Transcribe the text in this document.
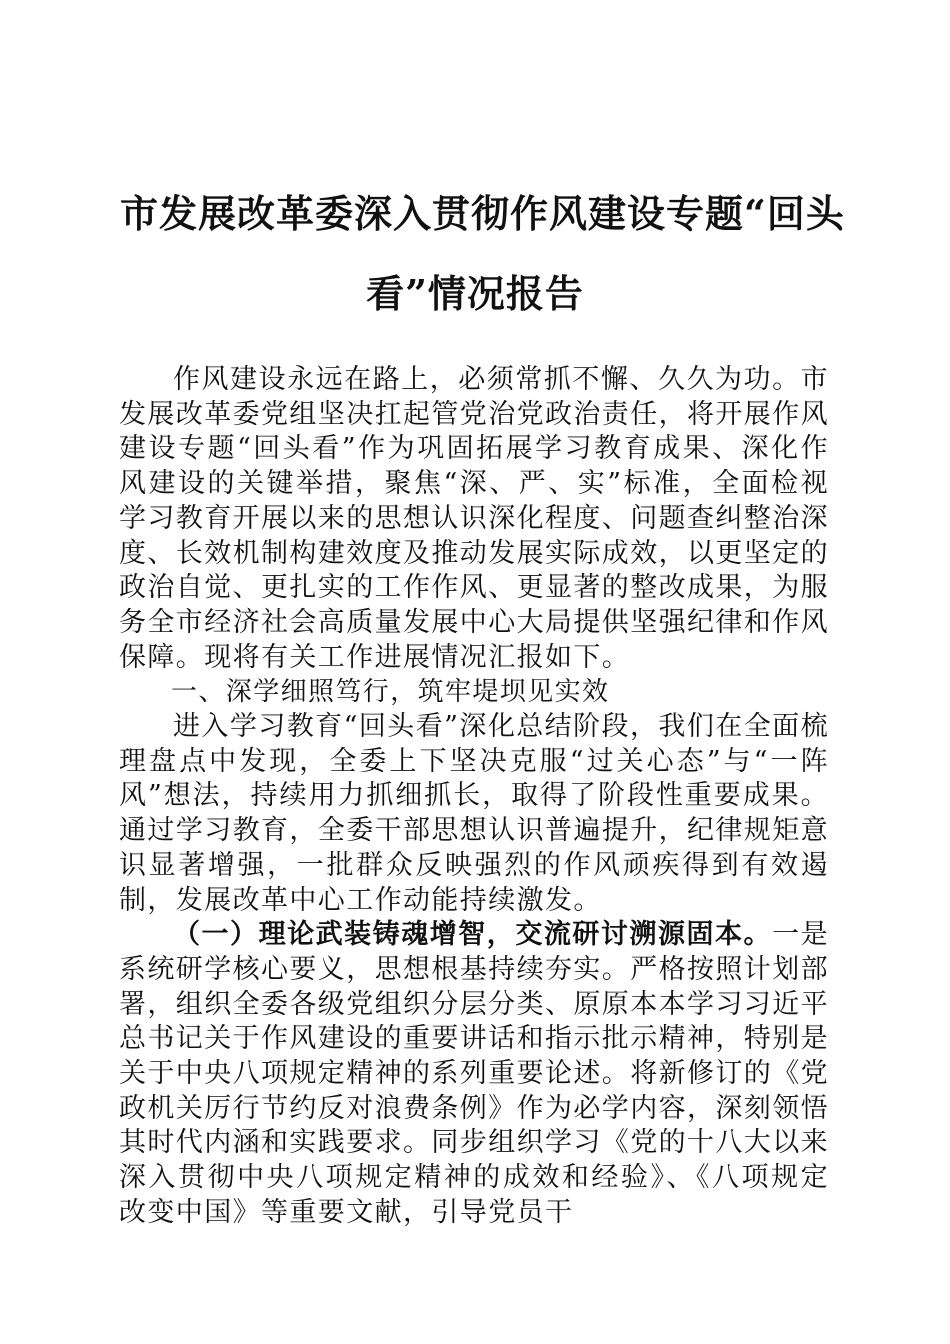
市发展改革委深入贯彻作风建设专题“回头
看”情况报告

作风建设永远在路上，必须常抓不懈、久久为功。市发展改革委党组坚决扛起管党治党政治责任，将开展作风建设专题“回头看”作为巩固拓展学习教育成果、深化作风建设的关键举措，聚焦“深、严、实”标准，全面检视学习教育开展以来的思想认识深化程度、问题查纠整治深度、长效机制构建效度及推动发展实际成效，以更坚定的政治自觉、更扎实的工作作风、更显著的整改成果，为服务全市经济社会高质量发展中心大局提供坚强纪律和作风保障。现将有关工作进展情况汇报如下。

一、深学细照笃行，筑牢堤坝见实效

进入学习教育“回头看”深化总结阶段，我们在全面梳理盘点中发现，全委上下坚决克服“过关心态”与“一阵风”想法，持续用力抓细抓长，取得了阶段性重要成果。通过学习教育，全委干部思想认识普遍提升，纪律规矩意识显著增强，一批群众反映强烈的作风顽疾得到有效遏制，发展改革中心工作动能持续激发。

（一）理论武装铸魂增智，交流研讨溯源固本。一是系统研学核心要义，思想根基持续夯实。严格按照计划部署，组织全委各级党组织分层分类、原原本本学习习近平总书记关于作风建设的重要讲话和指示批示精神，特别是关于中央八项规定精神的系列重要论述。将新修订的《党政机关厉行节约反对浪费条例》作为必学内容，深刻领悟其时代内涵和实践要求。同步组织学习《党的十八大以来深入贯彻中央八项规定精神的成效和经验》、《八项规定改变中国》等重要文献，引导党员干
